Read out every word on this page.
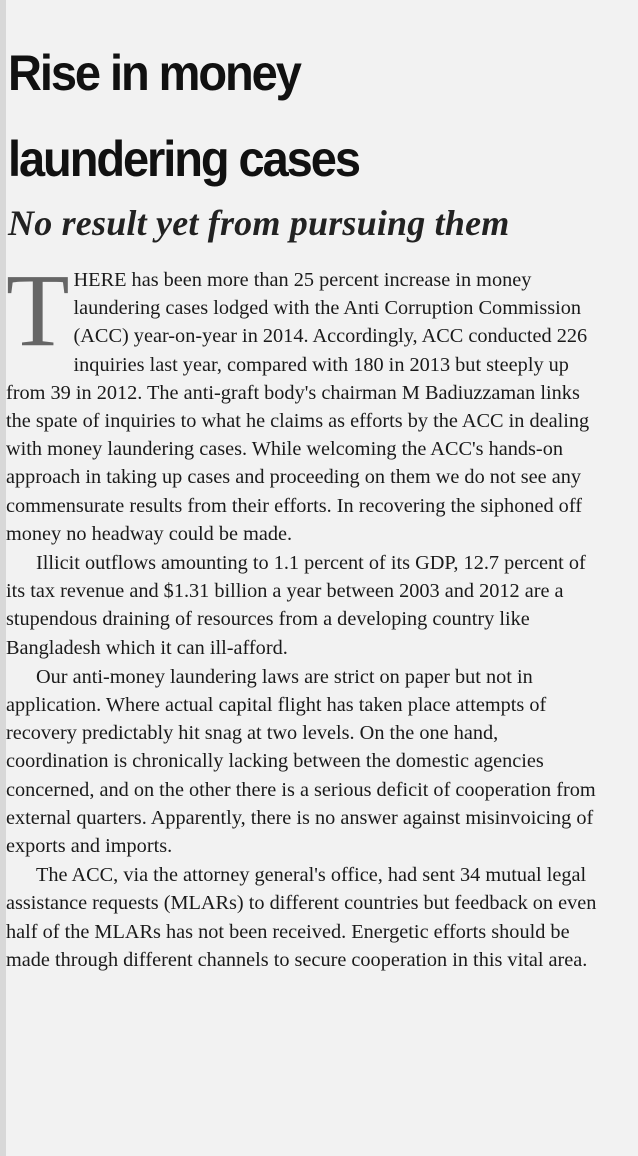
Rise in money
laundering cases
No result yet from pursuing them

THERE has been more than 25 percent increase in money laundering cases lodged with the Anti Corruption Commission (ACC) year-on-year in 2014. Accordingly, ACC conducted 226 inquiries last year, compared with 180 in 2013 but steeply up from 39 in 2012. The anti-graft body's chairman M Badiuzzaman links the spate of inquiries to what he claims as efforts by the ACC in dealing with money laundering cases. While welcoming the ACC's hands-on approach in taking up cases and proceeding on them we do not see any commensurate results from their efforts. In recovering the siphoned off money no headway could be made.

Illicit outflows amounting to 1.1 percent of its GDP, 12.7 percent of its tax revenue and $1.31 billion a year between 2003 and 2012 are a stupendous draining of resources from a developing country like Bangladesh which it can ill-afford.

Our anti-money laundering laws are strict on paper but not in application. Where actual capital flight has taken place attempts of recovery predictably hit snag at two levels. On the one hand, coordination is chronically lacking between the domestic agencies concerned, and on the other there is a serious deficit of cooperation from external quarters. Apparently, there is no answer against misinvoicing of exports and imports.

The ACC, via the attorney general's office, had sent 34 mutual legal assistance requests (MLARs) to different countries but feedback on even half of the MLARs has not been received. Energetic efforts should be made through different channels to secure cooperation in this vital area.
